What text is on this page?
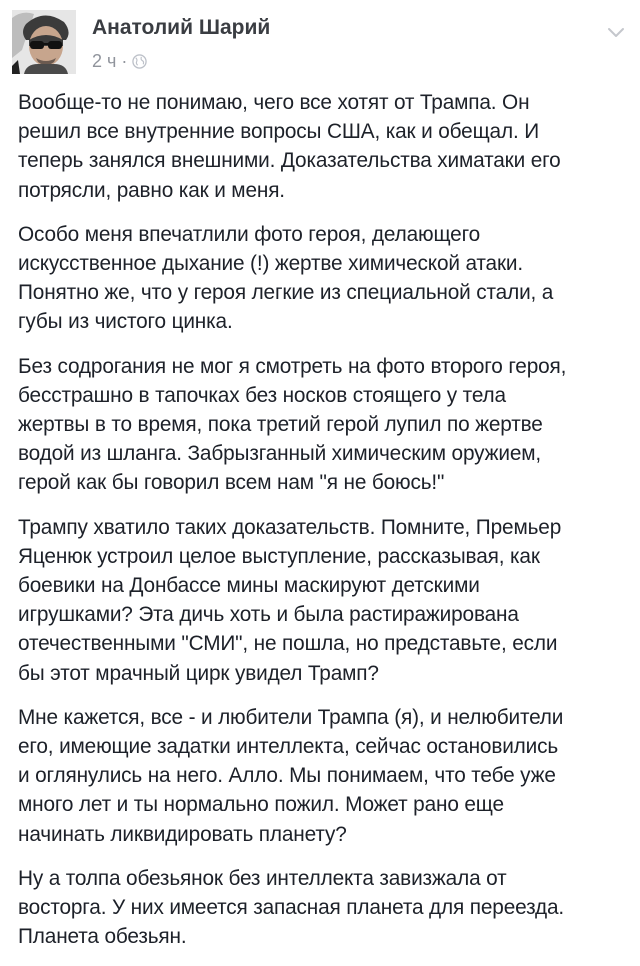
Анатолий Шарий
2 ч ·

Вообще-то не понимаю, чего все хотят от Трампа. Он
решил все внутренние вопросы США, как и обещал. И
теперь занялся внешними. Доказательства химатаки его
потрясли, равно как и меня.

Особо меня впечатлили фото героя, делающего
искусственное дыхание (!) жертве химической атаки.
Понятно же, что у героя легкие из специальной стали, а
губы из чистого цинка.

Без содрогания не мог я смотреть на фото второго героя,
бесстрашно в тапочках без носков стоящего у тела
жертвы в то время, пока третий герой лупил по жертве
водой из шланга. Забрызганный химическим оружием,
герой как бы говорил всем нам "я не боюсь!"

Трампу хватило таких доказательств. Помните, Премьер
Яценюк устроил целое выступление, рассказывая, как
боевики на Донбассе мины маскируют детскими
игрушками? Эта дичь хоть и была растиражирована
отечественными "СМИ", не пошла, но представьте, если
бы этот мрачный цирк увидел Трамп?

Мне кажется, все - и любители Трампа (я), и нелюбители
его, имеющие задатки интеллекта, сейчас остановились
и оглянулись на него. Алло. Мы понимаем, что тебе уже
много лет и ты нормально пожил. Может рано еще
начинать ликвидировать планету?

Ну а толпа обезьянок без интеллекта завизжала от
восторга. У них имеется запасная планета для переезда.
Планета обезьян.
